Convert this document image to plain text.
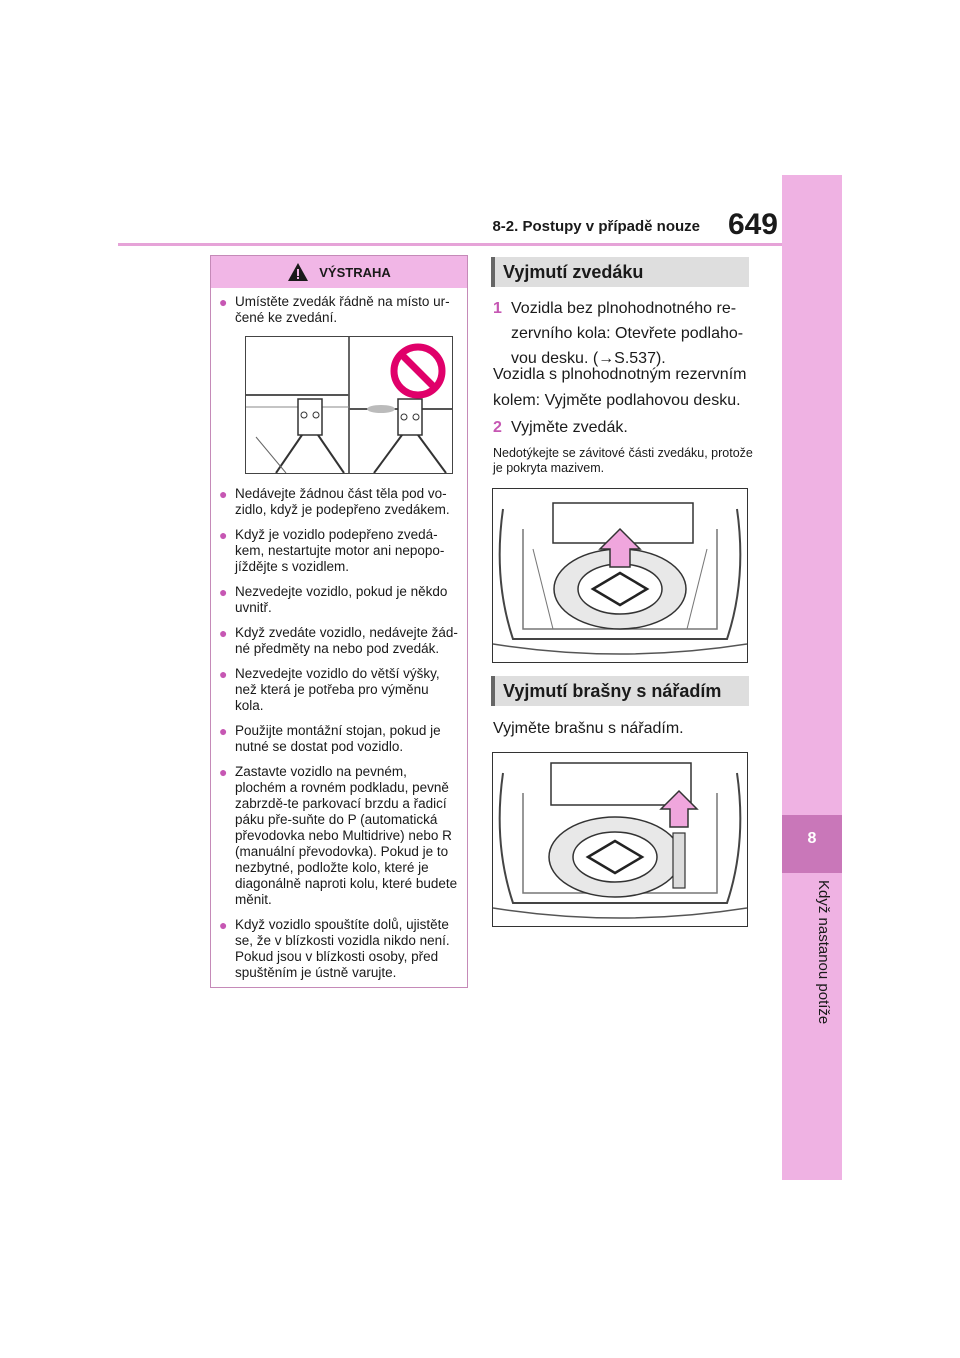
8-2. Postupy v případě nouze 649
8
Když nastanou potíže
VÝSTRAHA
● Umístěte zvedák řádně na místo ur-čené ke zvedání.
● Nedávejte žádnou část těla pod vo-zidlo, když je podepřeno zvedákem.
● Když je vozidlo podepřeno zvedá-kem, nestartujte motor ani nepopo-jíždějte s vozidlem.
● Nezvedejte vozidlo, pokud je někdo uvnitř.
● Když zvedáte vozidlo, nedávejte žád-né předměty na nebo pod zvedák.
● Nezvedejte vozidlo do větší výšky, než která je potřeba pro výměnu kola.
● Použijte montážní stojan, pokud je nutné se dostat pod vozidlo.
● Zastavte vozidlo na pevném, plochém a rovném podkladu, pevně zabrzdě-te parkovací brzdu a řadicí páku pře-suňte do P (automatická převodovka nebo Multidrive) nebo R (manuální převodovka). Pokud je to nezbytné, podložte kolo, které je diagonálně naproti kolu, které budete měnit.
● Když vozidlo spouštíte dolů, ujistěte se, že v blízkosti vozidla nikdo není. Pokud jsou v blízkosti osoby, před spuštěním je ústně varujte.
Vyjmutí zvedáku
1 Vozidla bez plnohodnotného re-
zervního kola: Otevřete podlaho-
vou desku. (→S.537).
Vozidla s plnohodnotným rezervním kolem: Vyjměte podlahovou desku.
2 Vyjměte zvedák.
Nedotýkejte se závitové části zvedáku, protože je pokryta mazivem.
Vyjmutí brašny s nářadím
Vyjměte brašnu s nářadím.
